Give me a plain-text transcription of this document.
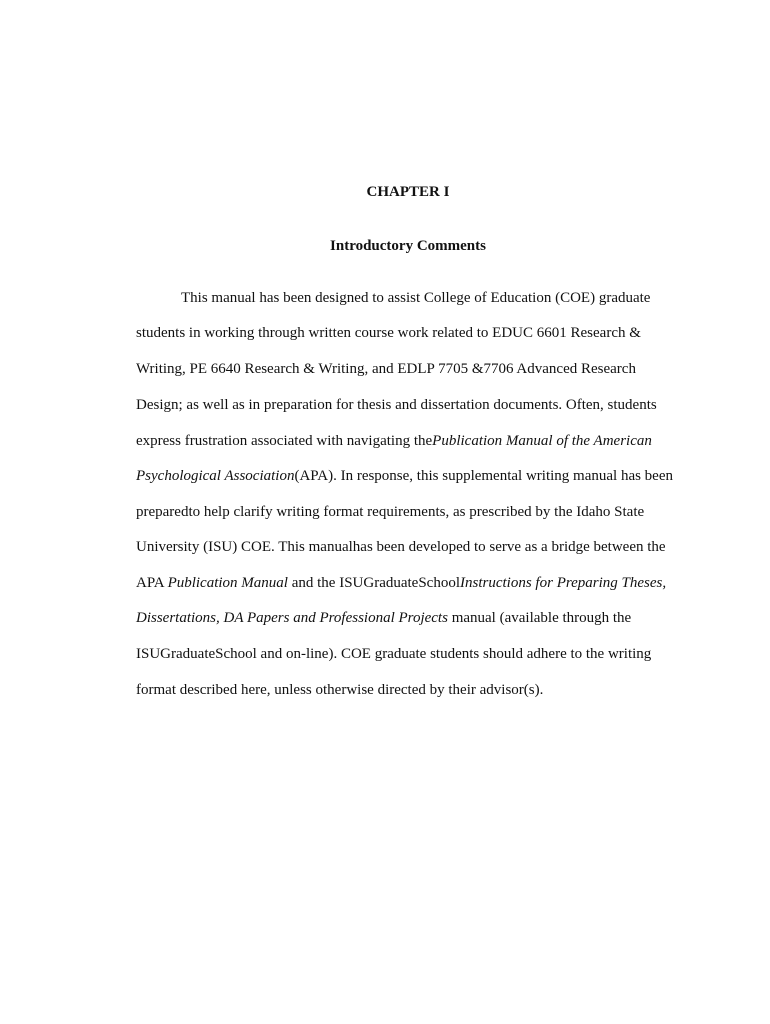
CHAPTER I
Introductory Comments

This manual has been designed to assist College of Education (COE) graduate

students in working through written course work related to EDUC 6601 Research &

Writing, PE 6640 Research & Writing, and EDLP 7705 &7706 Advanced Research

Design; as well as in preparation for thesis and dissertation documents. Often, students

express frustration associated with navigating thePublication Manual of the American

Psychological Association(APA). In response, this supplemental writing manual has been

preparedto help clarify writing format requirements, as prescribed by the Idaho State

University (ISU) COE. This manualhas been developed to serve as a bridge between the

APA Publication Manual and the ISUGraduateSchoolInstructions for Preparing Theses,

Dissertations, DA Papers and Professional Projects manual (available through the

ISUGraduateSchool and on-line). COE graduate students should adhere to the writing

format described here, unless otherwise directed by their advisor(s).
